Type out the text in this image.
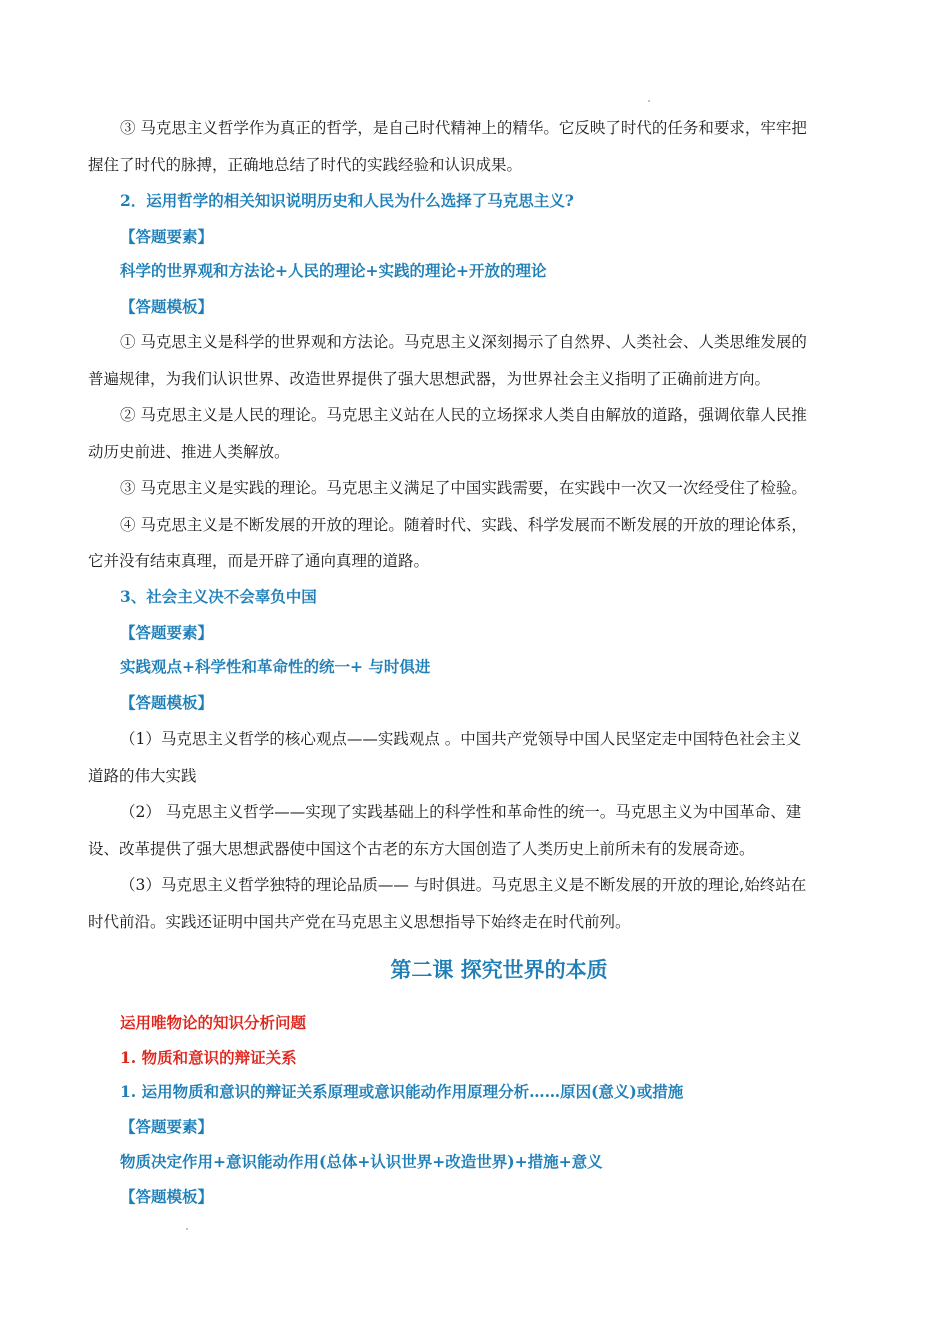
③ 马克思主义哲学作为真正的哲学，是自己时代精神上的精华。它反映了时代的任务和要求，牢牢把
握住了时代的脉搏，正确地总结了时代的实践经验和认识成果。
2．运用哲学的相关知识说明历史和人民为什么选择了马克思主义?
【答题要素】
科学的世界观和方法论+人民的理论+实践的理论+开放的理论
【答题模板】
① 马克思主义是科学的世界观和方法论。马克思主义深刻揭示了自然界、人类社会、人类思维发展的
普遍规律，为我们认识世界、改造世界提供了强大思想武器，为世界社会主义指明了正确前进方向。
② 马克思主义是人民的理论。马克思主义站在人民的立场探求人类自由解放的道路，强调依靠人民推
动历史前进、推进人类解放。
③ 马克思主义是实践的理论。马克思主义满足了中国实践需要，在实践中一次又一次经受住了检验。
④ 马克思主义是不断发展的开放的理论。随着时代、实践、科学发展而不断发展的开放的理论体系，
它并没有结束真理，而是开辟了通向真理的道路。
3、社会主义决不会辜负中国
【答题要素】
实践观点+科学性和革命性的统一+ 与时俱进
【答题模板】
（1）马克思主义哲学的核心观点——实践观点 。中国共产党领导中国人民坚定走中国特色社会主义
道路的伟大实践
（2） 马克思主义哲学——实现了实践基础上的科学性和革命性的统一。马克思主义为中国革命、建
设、改革提供了强大思想武器使中国这个古老的东方大国创造了人类历史上前所未有的发展奇迹。
（3）马克思主义哲学独特的理论品质—— 与时俱进。马克思主义是不断发展的开放的理论,始终站在
时代前沿。实践还证明中国共产党在马克思主义思想指导下始终走在时代前列。
第二课 探究世界的本质
运用唯物论的知识分析问题
1. 物质和意识的辩证关系
1. 运用物质和意识的辩证关系原理或意识能动作用原理分析……原因(意义)或措施
【答题要素】
物质决定作用+意识能动作用(总体+认识世界+改造世界)+措施+意义
【答题模板】
